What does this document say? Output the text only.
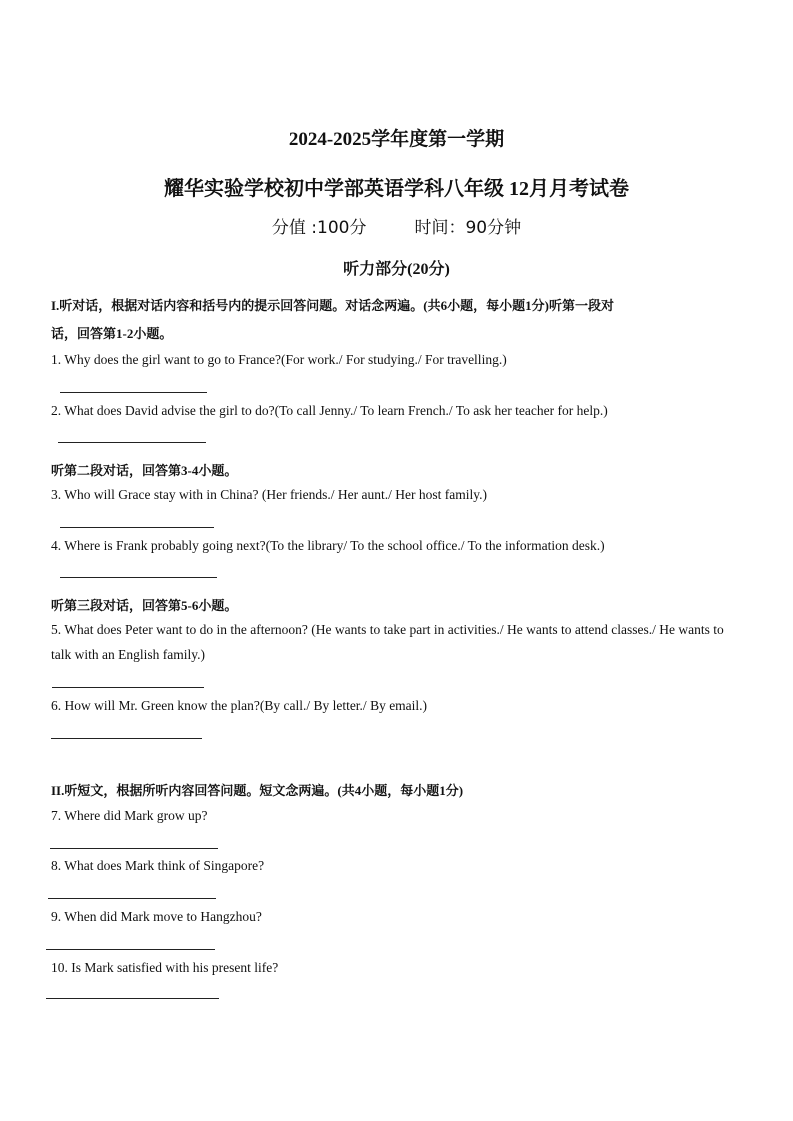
2024-2025学年度第一学期
耀华实验学校初中学部英语学科八年级 12月月考试卷
分值 :100分	时间：90分钟
听力部分(20分)
I.听对话，根据对话内容和括号内的提示回答问题。对话念两遍。(共6小题，每小题1分)听第一段对
话，回答第1-2小题。
1. Why does the girl want to go to France?(For work./ For studying./ For travelling.)
2. What does David advise the girl to do?(To call Jenny./ To learn French./ To ask her teacher for help.)
听第二段对话，回答第3-4小题。
3. Who will Grace stay with in China? (Her friends./ Her aunt./ Her host family.)
4. Where is Frank probably going next?(To the library/ To the school office./ To the information desk.)
听第三段对话，回答第5-6小题。
5. What does Peter want to do in the afternoon? (He wants to take part in activities./ He wants to attend classes./ He wants to talk with an English family.)
6. How will Mr. Green know the plan?(By call./ By letter./ By email.)
II.听短文，根据所听内容回答问题。短文念两遍。(共4小题，每小题1分)
7. Where did Mark grow up?
8. What does Mark think of Singapore?
9. When did Mark move to Hangzhou?
10. Is Mark satisfied with his present life?
